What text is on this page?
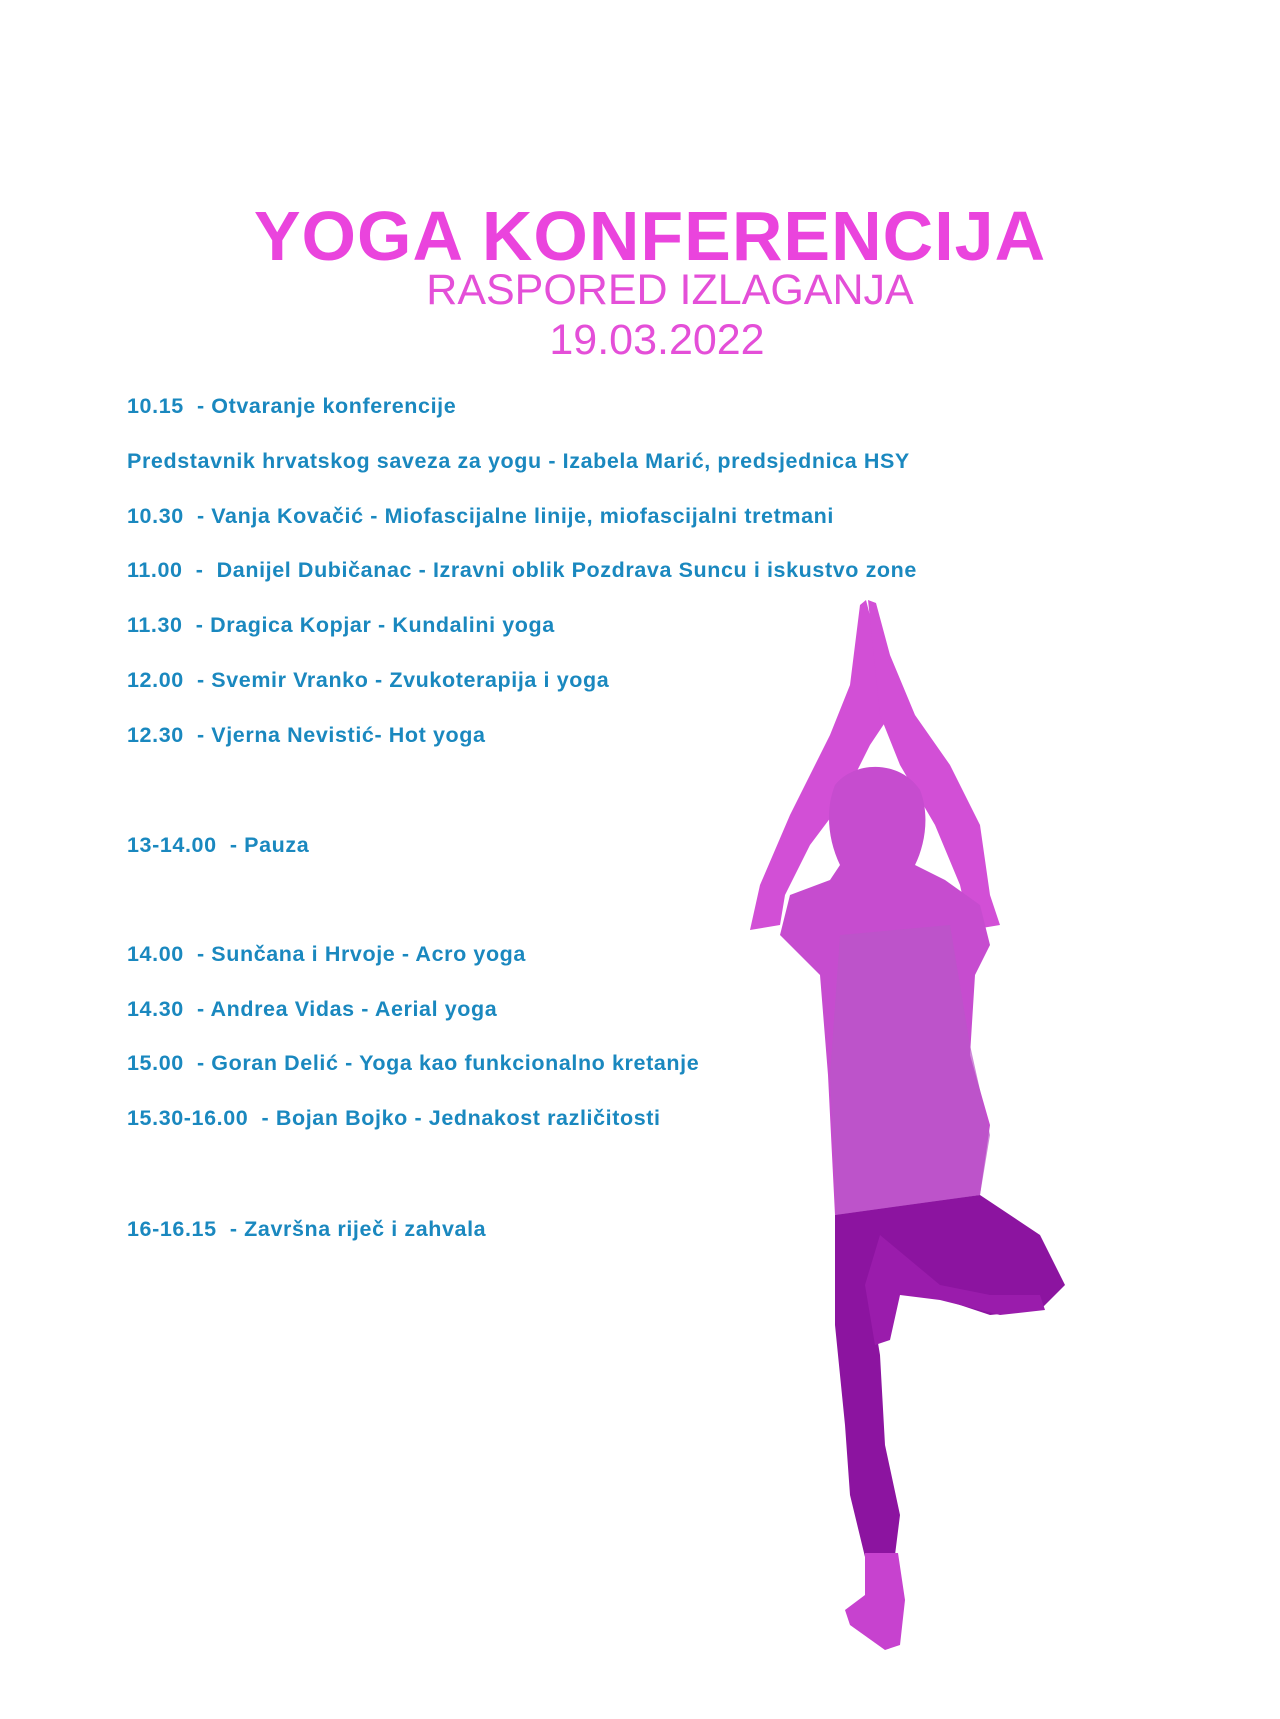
YOGA KONFERENCIJA
RASPORED IZLAGANJA
19.03.2022
10.15  - Otvaranje konferencije
Predstavnik hrvatskog saveza za yogu - Izabela Marić, predsjednica HSY
10.30  - Vanja Kovačić - Miofascijalne linije, miofascijalni tretmani
11.00  -  Danijel Dubičanac - Izravni oblik Pozdrava Suncu i iskustvo zone
11.30  - Dragica Kopjar - Kundalini yoga
12.00  - Svemir Vranko - Zvukoterapija i yoga
12.30  - Vjerna Nevistić- Hot yoga
13-14.00  - Pauza
14.00  - Sunčana i Hrvoje - Acro yoga
14.30  - Andrea Vidas - Aerial yoga
15.00  - Goran Delić - Yoga kao funkcionalno kretanje
15.30-16.00  - Bojan Bojko - Jednakost različitosti
16-16.15  - Završna riječ i zahvala
